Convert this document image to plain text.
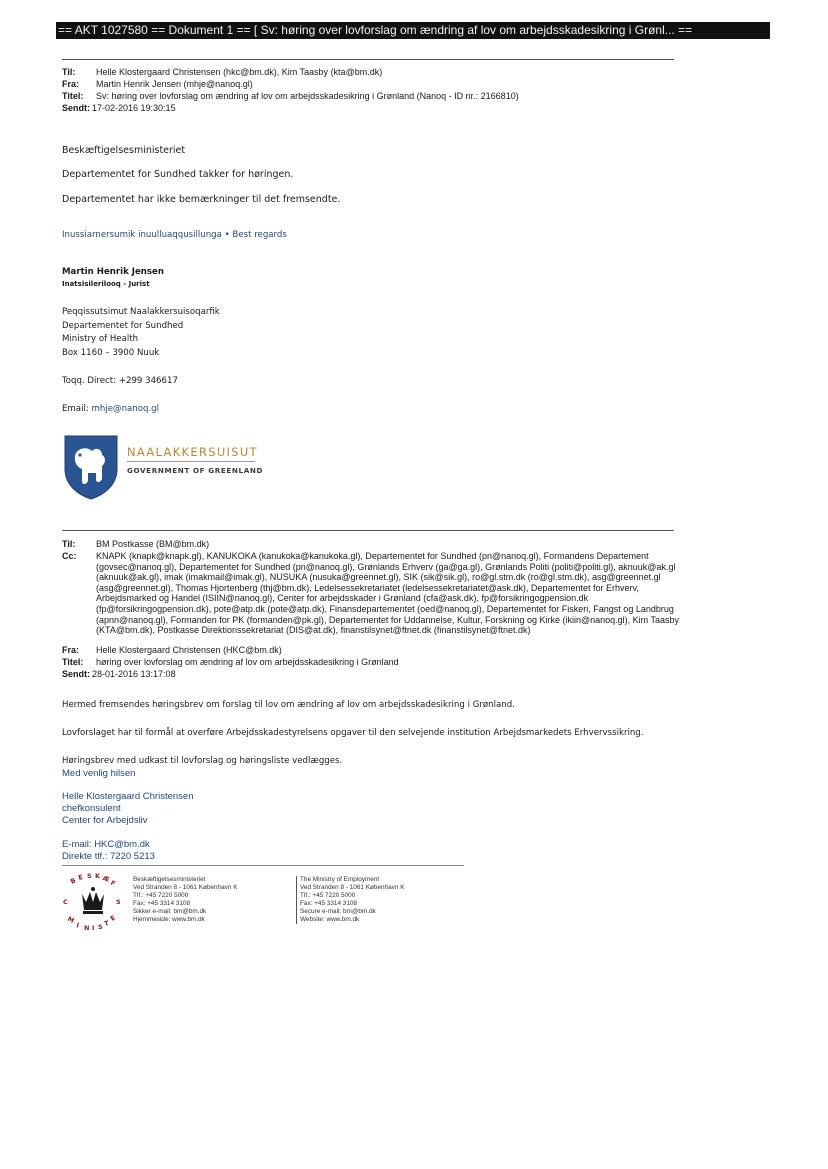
== AKT 1027580 == Dokument 1 == [ Sv: høring over lovforslag om ændring af lov om arbejdsskadesikring i Grønl... ==
Til: Helle Klostergaard Christensen (hkc@bm.dk), Kim Taasby (kta@bm.dk)
Fra: Martin Henrik Jensen (mhje@nanoq.gl)
Titel: Sv: høring over lovforslag om ændring af lov om arbejdsskadesikring i Grønland (Nanoq - ID nr.: 2166810)
Sendt: 17-02-2016 19:30:15
Beskæftigelsesministeriet
Departementet for Sundhed takker for høringen.
Departementet har ikke bemærkninger til det fremsendte.
Inussiarnersumik inuulluaqqusillunga • Best regards
Martin Henrik Jensen
Inatsisilerilooq - Jurist
Peqqissutsimut Naalakkersuisoqarfik
Departementet for Sundhed
Ministry of Health
Box 1160 – 3900 Nuuk
Toqq. Direct: +299 346617
Email: mhje@nanoq.gl
NAALAKKERSUISUT
GOVERNMENT OF GREENLAND
Til: BM Postkasse (BM@bm.dk)
Cc: KNAPK (knapk@knapk.gl), KANUKOKA (kanukoka@kanukoka.gl), Departementet for Sundhed (pn@nanoq.gl), Formandens Departement
(govsec@nanoq.gl), Departementet for Sundhed (pn@nanoq.gl), Grønlands Erhverv (ga@ga.gl), Grønlands Politi (politi@politi.gl), aknuuk@ak.gl
(aknuuk@ak.gl), imak (imakmail@imak.gl), NUSUKA (nusuka@greennet.gl), SIK (sik@sik.gl), ro@gl.stm.dk (ro@gl.stm.dk), asg@greennet.gl
(asg@greennet.gl), Thomas Hjortenberg (thj@bm.dk), Ledelsessekretariatet (ledelsessekretariatet@ask.dk), Departementet for Erhverv,
Arbejdsmarked og Handel (ISIIN@nanoq.gl), Center for arbejdsskader i Grønland (cfa@ask.dk), fp@forsikringogpension.dk
(fp@forsikringogpension.dk), pote@atp.dk (pote@atp.dk), Finansdepartementet (oed@nanoq.gl), Departementet for Fiskeri, Fangst og Landbrug
(apnn@nanoq.gl), Formanden for PK (formanden@pk.gl), Departementet for Uddannelse, Kultur, Forskning og Kirke (ikiin@nanoq.gl), Kim Taasby
(KTA@bm.dk), Postkasse Direktionssekretariat (DIS@at.dk), finanstilsynet@ftnet.dk (finanstilsynet@ftnet.dk)
Fra: Helle Klostergaard Christensen (HKC@bm.dk)
Titel: høring over lovforslag om ændring af lov om arbejdsskadesikring i Grønland
Sendt: 28-01-2016 13:17:08
Hermed fremsendes høringsbrev om forslag til lov om ændring af lov om arbejdsskadesikring i Grønland.
Lovforslaget har til formål at overføre Arbejdsskadestyrelsens opgaver til den selvejende institution Arbejdsmarkedets Erhvervssikring.
Høringsbrev med udkast til lovforslag og høringsliste vedlægges.
Med venlig hilsen
Helle Klostergaard Christensen
chefkonsulent
Center for Arbejdsliv
E-mail: HKC@bm.dk
Direkte tlf.: 7220 5213
B E S K Æ
F
C	S
M
I N I S T
E
Beskæftigelsesministeriet
Ved Stranden 8 - 1061 København K
Tlf.: +45 7220 5000
Fax: +45 3314 3108
Sikker e-mail: bm@bm.dk
Hjemmeside: www.bm.dk
The Ministry of Employment
Ved Stranden 8 - 1061 København K
Tlf.: +45 7220 5000
Fax: +45 3314 3108
Secure e-mail: bm@bm.dk
Website: www.bm.dk
